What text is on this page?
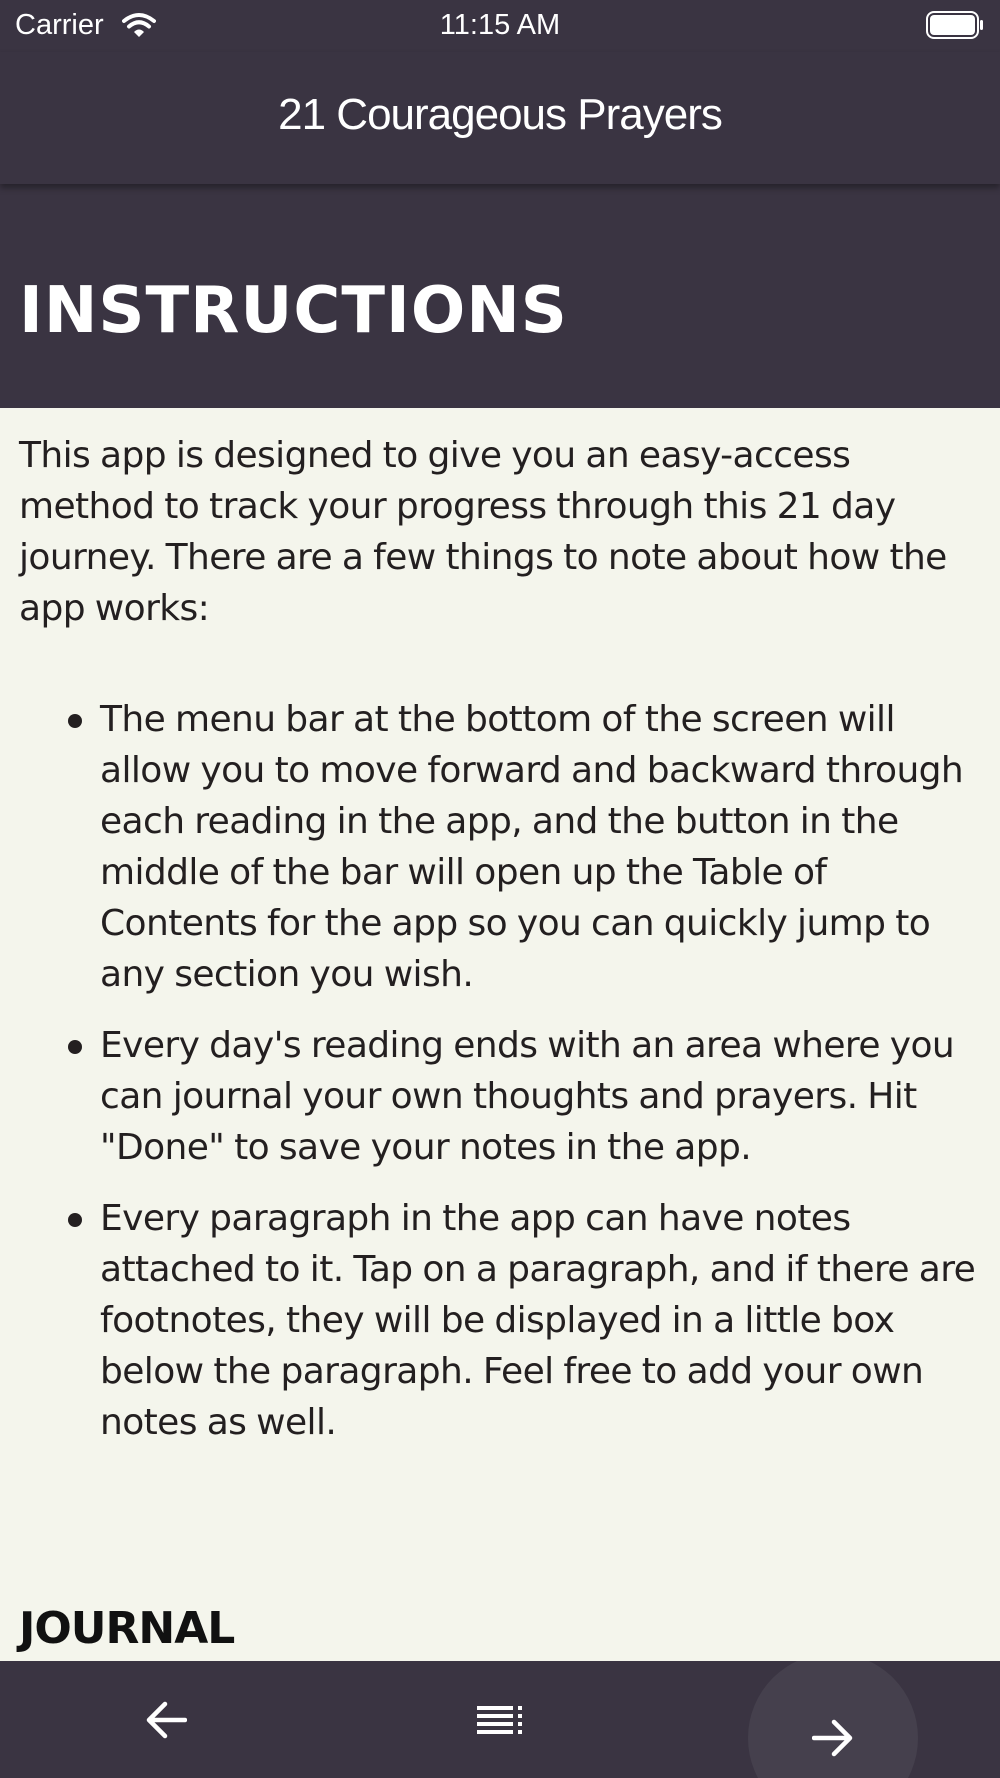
Carrier	11:15 AM
21 Courageous Prayers
INSTRUCTIONS

This app is designed to give you an easy-access method to track your progress through this 21 day journey. There are a few things to note about how the app works:

The menu bar at the bottom of the screen will allow you to move forward and backward through each reading in the app, and the button in the middle of the bar will open up the Table of Contents for the app so you can quickly jump to any section you wish.
Every day's reading ends with an area where you can journal your own thoughts and prayers. Hit "Done" to save your notes in the app.
Every paragraph in the app can have notes attached to it. Tap on a paragraph, and if there are footnotes, they will be displayed in a little box below the paragraph. Feel free to add your own notes as well.
JOURNAL
